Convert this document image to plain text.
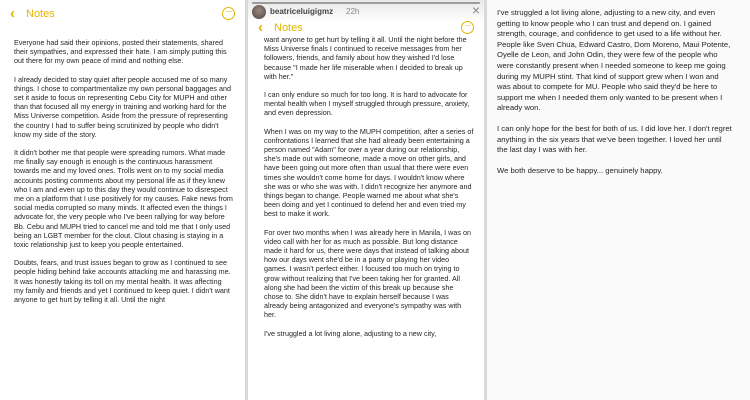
‹ Notes	···

Everyone had said their opinions, posted their statements, shared their sympathies, and expressed their hate. I am simply putting this out there for my own peace of mind and nothing else.

I already decided to stay quiet after people accused me of so many things. I chose to compartmentalize my own personal baggages and set it aside to focus on representing Cebu City for MUPH and other than that focused all my energy in training and working hard for the Miss Universe competition. Aside from the pressure of representing the country I had to suffer being scrutinized by people who didn't know my side of the story.

It didn't bother me that people were spreading rumors. What made me finally say enough is enough is the continuous harassment towards me and my loved ones. Trolls went on to my social media accounts posting comments about my personal life as if they knew who I am and even up to this day they would continue to disrespect me on a platform that I use positively for my causes. Fake news from social media corrupted so many minds. It affected even the things I advocate for, the very people who I've been rallying for way before Bb. Cebu and MUPH tried to cancel me and told me that I only used being an LGBT member for the clout. Clout chasing is staying in a toxic relationship just to keep you people entertained.

Doubts, fears, and trust issues began to grow as I continued to see people hiding behind fake accounts attacking me and harassing me. It was honestly taking its toll on my mental health. It was affecting my family and friends and yet I continued to keep quiet. I didn't want anyone to get hurt by telling it all. Until the night

beatriceluigigmz 22h	×
‹ Notes	···

want anyone to get hurt by telling it all. Until the night before the Miss Universe finals I continued to receive messages from her followers, friends, and family about how they wished I'd lose because "I made her life miserable when I decided to break up with her."

I can only endure so much for too long. It is hard to advocate for mental health when I myself struggled through pressure, anxiety, and even depression.

When I was on my way to the MUPH competition, after a series of confrontations I learned that she had already been entertaining a person named "Adam" for over a year during our relationship, she's made out with someone, made a move on other girls, and have been going out more often than usual that there were even times she wouldn't come home for days. I wouldn't know where she was or who she was with. I didn't recognize her anymore and things began to change. People warned me about what she's been doing and yet I continued to defend her and even tried my best to make it work.

For over two months when I was already here in Manila, I was on video call with her for as much as possible. But long distance made it hard for us, there were days that instead of talking about how our days went she'd be in a party or playing her video games. I wasn't perfect either. I focused too much on trying to grow without realizing that I've been taking her for granted. All along she had been the victim of this break up because she chose to. She didn't have to explain herself because I was already being antagonized and everyone's sympathy was with her.

I've struggled a lot living alone, adjusting to a new city,

I've struggled a lot living alone, adjusting to a new city, and even getting to know people who I can trust and depend on. I gained strength, courage, and confidence to get used to a life without her. People like Sven Chua, Edward Castro, Dom Moreno, Maui Potente, Oyelle de Leon, and John Odin, they were few of the people who were constantly present when I needed someone to keep me going during my MUPH stint. That kind of support grew when I won and was about to compete for MU. People who said they'd be here to support me when I needed them only wanted to be present when I already won.

I can only hope for the best for both of us. I did love her. I don't regret anything in the six years that we've been together. I loved her until the last day I was with her.

We both deserve to be happy... genuinely happy.
